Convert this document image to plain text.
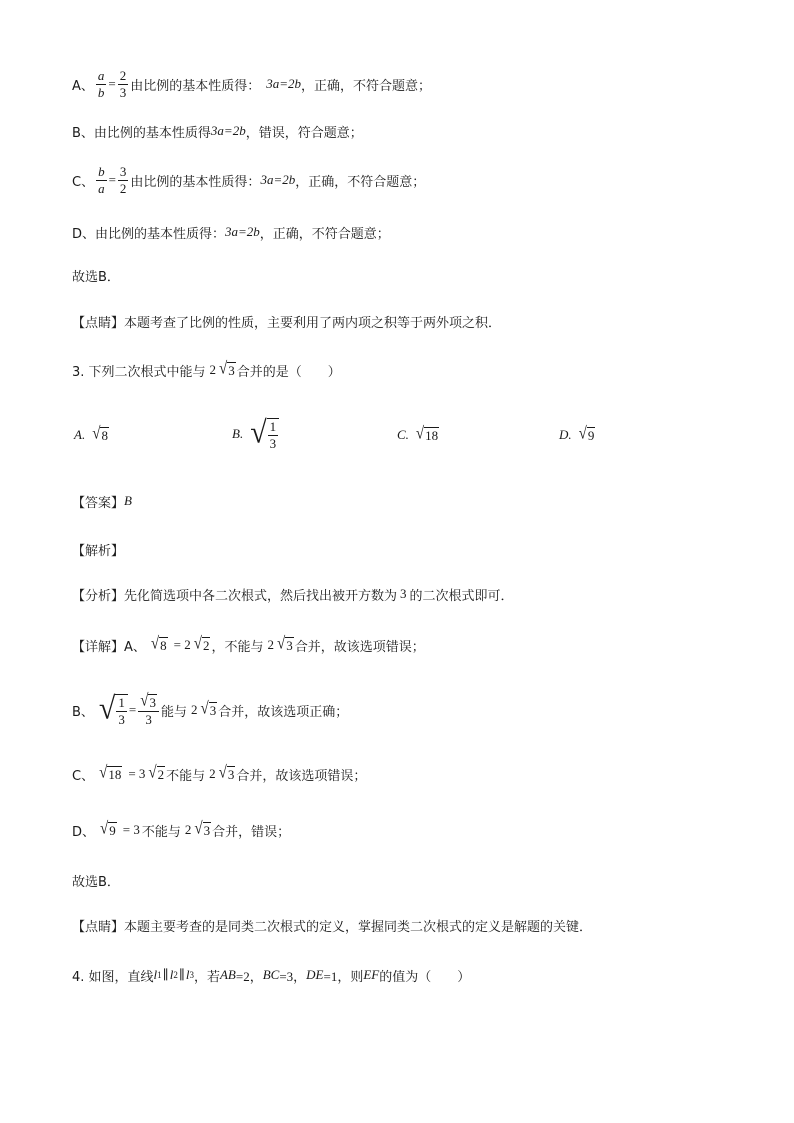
A、 $\frac{a}{b} = \frac{2}{3}$ 由比例的基本性质得： 3a=2b ，正确，不符合题意；
B、由比例的基本性质得 3a=2b ，错误，符合题意；
C、 $\frac{b}{a} = \frac{3}{2}$ 由比例的基本性质得： 3a=2b ，正确，不符合题意；
D、由比例的基本性质得： 3a=2b ，正确，不符合题意；
故选B．
【点睛】 本题考查了比例的性质，主要利用了两内项之积等于两外项之积．
3. 下列二次根式中能与 2 √ 3 合并的是（　　）
A. √ 8	B. √ $\frac{1}{3}$	C. √ 18	D. √ 9
【答案】 B
【解析】
【分析】 先化简选项中各二次根式，然后找出被开方数为 3 的二次根式即可．
【详解】 A、 √ 8 = 2 √ 2 ，不能与 2 √ 3 合并，故该选项错误；
B、 √ $\frac{1}{3} = \frac{√ 3}{3}$ 能与 2 √ 3 合并，故该选项正确；
C、 √ 18 = 3 √ 2 不能与 2 √ 3 合并，故该选项错误；
D、 √ 9 = 3 不能与 2 √ 3 合并，错误；
故选B．
【点睛】 本题主要考查的是同类二次根式的定义，掌握同类二次根式的定义是解题的关键．
4. 如图，直线 l 1 ∥ l 2 ∥ l 3 ，若 AB =2， BC =3， DE =1，则 EF 的值为（　　）
